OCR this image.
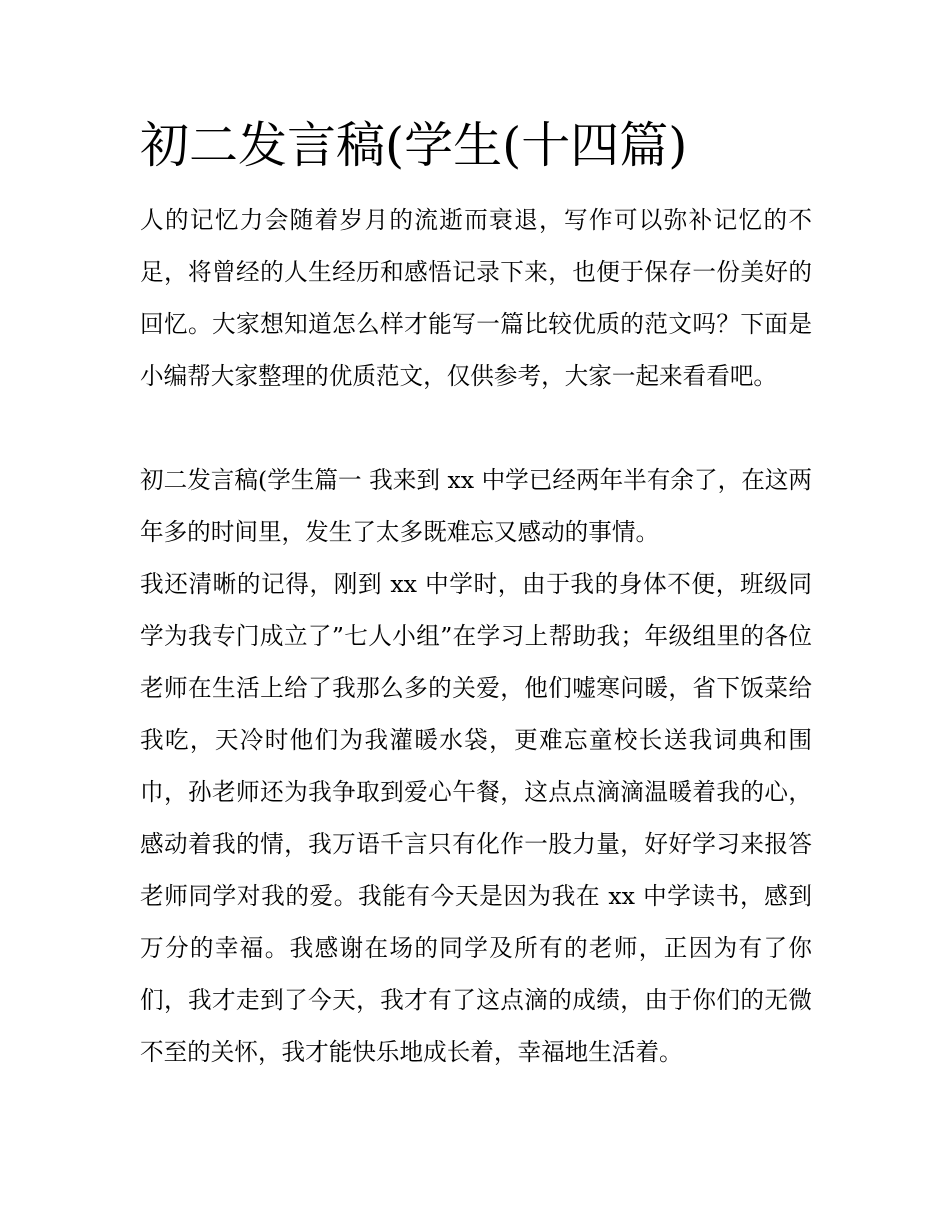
初二发言稿(学生(十四篇)

人的记忆力会随着岁月的流逝而衰退，写作可以弥补记忆的不足，将曾经的人生经历和感悟记录下来，也便于保存一份美好的回忆。大家想知道怎么样才能写一篇比较优质的范文吗？下面是小编帮大家整理的优质范文，仅供参考，大家一起来看看吧。

初二发言稿(学生篇一 我来到 xx 中学已经两年半有余了，在这两年多的时间里，发生了太多既难忘又感动的事情。

我还清晰的记得，刚到 xx 中学时，由于我的身体不便，班级同学为我专门成立了”七人小组”在学习上帮助我；年级组里的各位老师在生活上给了我那么多的关爱，他们嘘寒问暖，省下饭菜给我吃，天冷时他们为我灌暖水袋，更难忘童校长送我词典和围巾，孙老师还为我争取到爱心午餐，这点点滴滴温暖着我的心，感动着我的情，我万语千言只有化作一股力量，好好学习来报答老师同学对我的爱。我能有今天是因为我在 xx 中学读书，感到万分的幸福。我感谢在场的同学及所有的老师，正因为有了你们，我才走到了今天，我才有了这点滴的成绩，由于你们的无微不至的关怀，我才能快乐地成长着，幸福地生活着。
